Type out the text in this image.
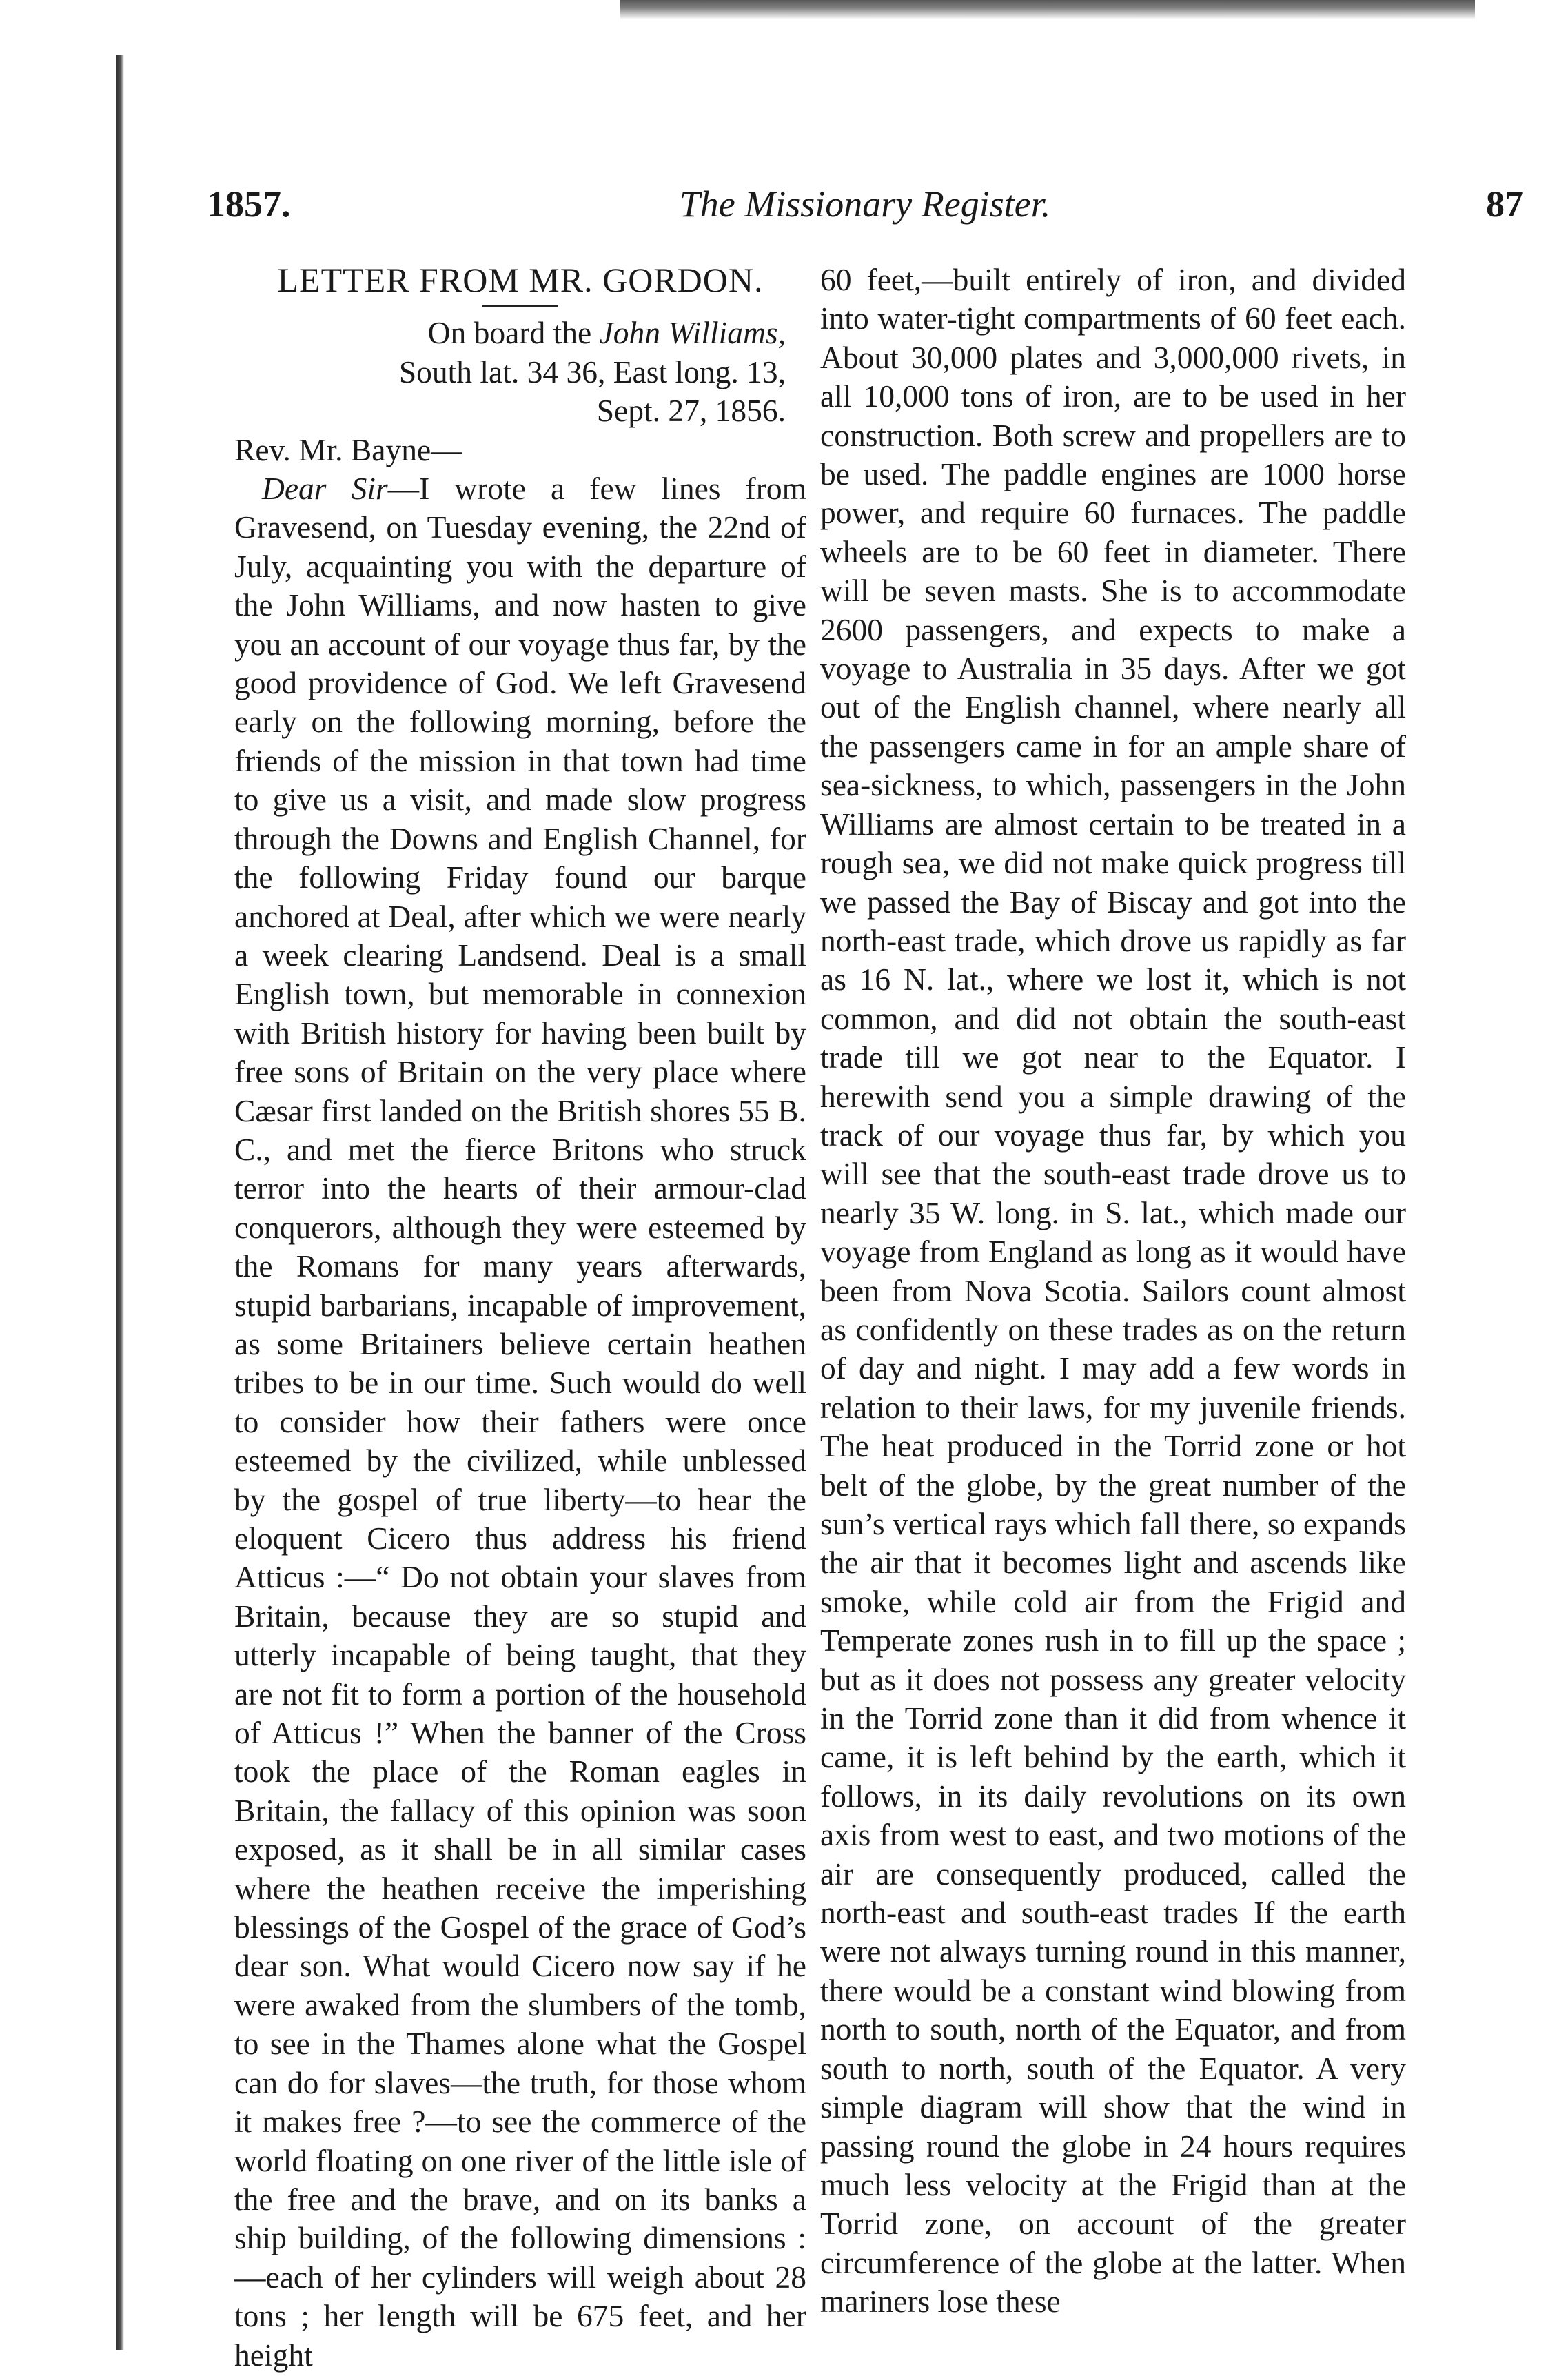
1857.	The Missionary Register.	87
LETTER FROM MR. GORDON.

On board the John Williams,
South lat. 34 36, East long. 13,
Sept. 27, 1856.

Rev. Mr. Bayne—

Dear Sir—I wrote a few lines from Gravesend, on Tuesday evening, the 22nd of July, acquainting you with the departure of the John Williams, and now hasten to give you an account of our voyage thus far, by the good providence of God. We left Gravesend early on the following morning, before the friends of the mission in that town had time to give us a visit, and made slow progress through the Downs and English Channel, for the following Friday found our barque anchored at Deal, after which we were nearly a week clearing Landsend. Deal is a small English town, but memorable in connexion with British history for having been built by free sons of Britain on the very place where Cæsar first landed on the British shores 55 B. C., and met the fierce Britons who struck terror into the hearts of their armour-clad conquerors, although they were esteemed by the Romans for many years afterwards, stupid barbarians, incapable of improvement, as some Britainers believe certain heathen tribes to be in our time. Such would do well to consider how their fathers were once esteemed by the civilized, while unblessed by the gospel of true liberty—to hear the eloquent Cicero thus address his friend Atticus :—“ Do not obtain your slaves from Britain, because they are so stupid and utterly incapable of being taught, that they are not fit to form a portion of the household of Atticus !” When the banner of the Cross took the place of the Roman eagles in Britain, the fallacy of this opinion was soon exposed, as it shall be in all similar cases where the heathen receive the imperishing blessings of the Gospel of the grace of God’s dear son. What would Cicero now say if he were awaked from the slumbers of the tomb, to see in the Thames alone what the Gospel can do for slaves—the truth, for those whom it makes free ?—to see the commerce of the world floating on one river of the little isle of the free and the brave, and on its banks a ship building, of the following dimensions :—each of her cylinders will weigh about 28 tons ; her length will be 675 feet, and her height

60 feet,—built entirely of iron, and divided into water-tight compartments of 60 feet each. About 30,000 plates and 3,000,000 rivets, in all 10,000 tons of iron, are to be used in her construction. Both screw and propellers are to be used. The paddle engines are 1000 horse power, and require 60 furnaces. The paddle wheels are to be 60 feet in diameter. There will be seven masts. She is to accommodate 2600 passengers, and expects to make a voyage to Australia in 35 days. After we got out of the English channel, where nearly all the passengers came in for an ample share of sea-sickness, to which, passengers in the John Williams are almost certain to be treated in a rough sea, we did not make quick progress till we passed the Bay of Biscay and got into the north-east trade, which drove us rapidly as far as 16 N. lat., where we lost it, which is not common, and did not obtain the south-east trade till we got near to the Equator. I herewith send you a simple drawing of the track of our voyage thus far, by which you will see that the south-east trade drove us to nearly 35 W. long. in S. lat., which made our voyage from England as long as it would have been from Nova Scotia. Sailors count almost as confidently on these trades as on the return of day and night. I may add a few words in relation to their laws, for my juvenile friends. The heat produced in the Torrid zone or hot belt of the globe, by the great number of the sun’s vertical rays which fall there, so expands the air that it becomes light and ascends like smoke, while cold air from the Frigid and Temperate zones rush in to fill up the space ; but as it does not possess any greater velocity in the Torrid zone than it did from whence it came, it is left behind by the earth, which it follows, in its daily revolutions on its own axis from west to east, and two motions of the air are consequently produced, called the north-east and south-east trades If the earth were not always turning round in this manner, there would be a constant wind blowing from north to south, north of the Equator, and from south to north, south of the Equator. A very simple diagram will show that the wind in passing round the globe in 24 hours requires much less velocity at the Frigid than at the Torrid zone, on account of the greater circumference of the globe at the latter. When mariners lose these
